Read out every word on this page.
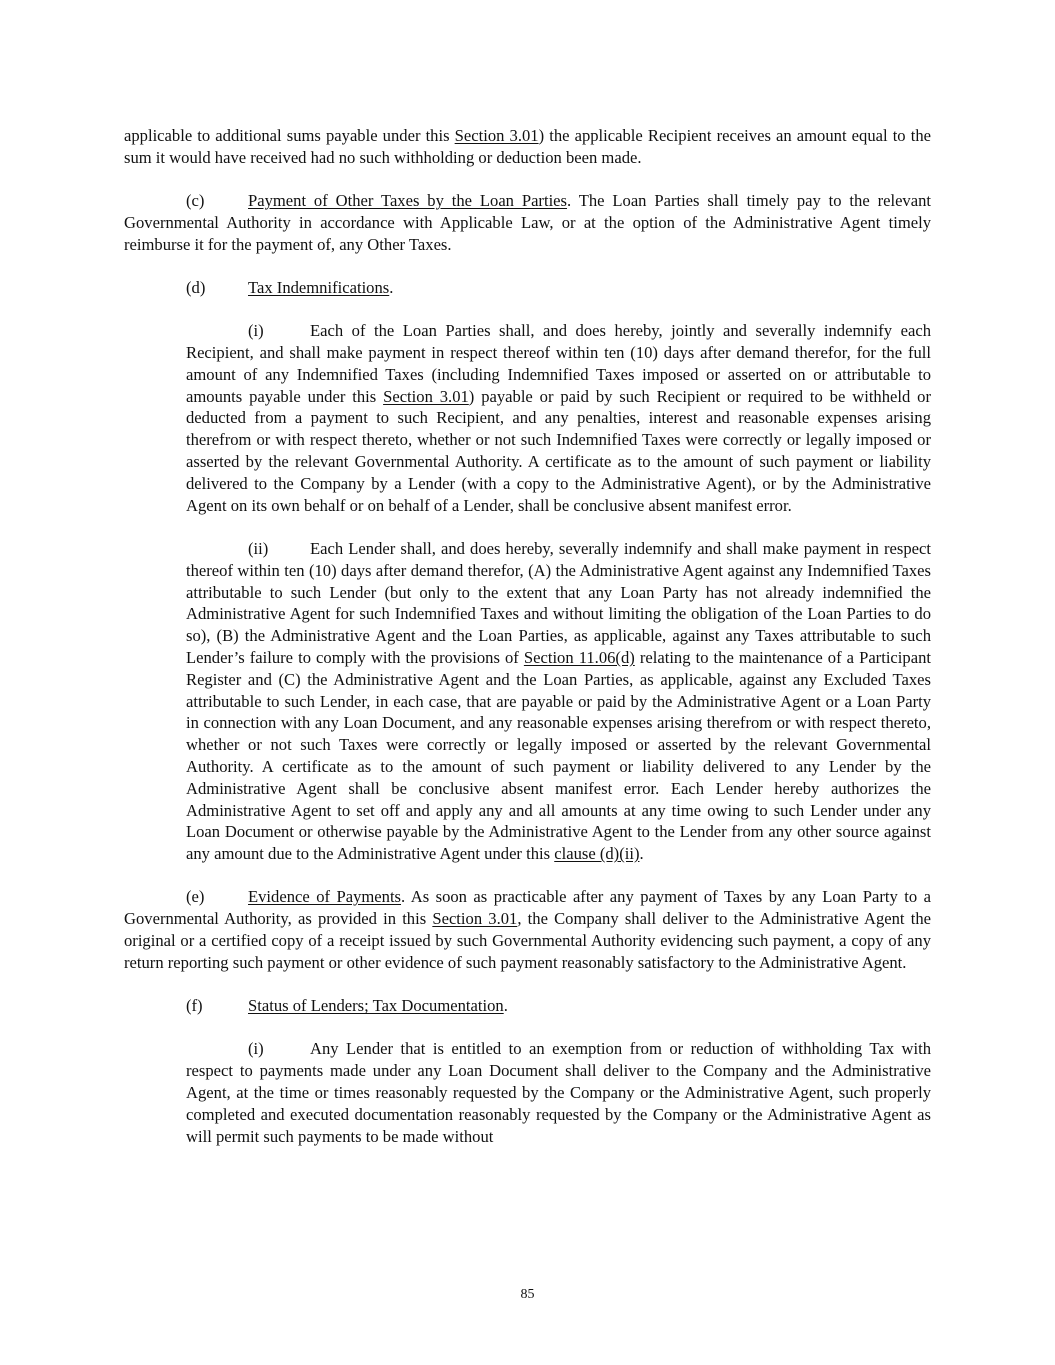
applicable to additional sums payable under this Section 3.01) the applicable Recipient receives an amount equal to the sum it would have received had no such withholding or deduction been made.

(c)	Payment of Other Taxes by the Loan Parties. The Loan Parties shall timely pay to the relevant Governmental Authority in accordance with Applicable Law, or at the option of the Administrative Agent timely reimburse it for the payment of, any Other Taxes.

(d)	Tax Indemnifications.

(i)	Each of the Loan Parties shall, and does hereby, jointly and severally indemnify each Recipient, and shall make payment in respect thereof within ten (10) days after demand therefor, for the full amount of any Indemnified Taxes (including Indemnified Taxes imposed or asserted on or attributable to amounts payable under this Section 3.01) payable or paid by such Recipient or required to be withheld or deducted from a payment to such Recipient, and any penalties, interest and reasonable expenses arising therefrom or with respect thereto, whether or not such Indemnified Taxes were correctly or legally imposed or asserted by the relevant Governmental Authority. A certificate as to the amount of such payment or liability delivered to the Company by a Lender (with a copy to the Administrative Agent), or by the Administrative Agent on its own behalf or on behalf of a Lender, shall be conclusive absent manifest error.

(ii)	Each Lender shall, and does hereby, severally indemnify and shall make payment in respect thereof within ten (10) days after demand therefor, (A) the Administrative Agent against any Indemnified Taxes attributable to such Lender (but only to the extent that any Loan Party has not already indemnified the Administrative Agent for such Indemnified Taxes and without limiting the obligation of the Loan Parties to do so), (B) the Administrative Agent and the Loan Parties, as applicable, against any Taxes attributable to such Lender’s failure to comply with the provisions of Section 11.06(d) relating to the maintenance of a Participant Register and (C) the Administrative Agent and the Loan Parties, as applicable, against any Excluded Taxes attributable to such Lender, in each case, that are payable or paid by the Administrative Agent or a Loan Party in connection with any Loan Document, and any reasonable expenses arising therefrom or with respect thereto, whether or not such Taxes were correctly or legally imposed or asserted by the relevant Governmental Authority. A certificate as to the amount of such payment or liability delivered to any Lender by the Administrative Agent shall be conclusive absent manifest error. Each Lender hereby authorizes the Administrative Agent to set off and apply any and all amounts at any time owing to such Lender under any Loan Document or otherwise payable by the Administrative Agent to the Lender from any other source against any amount due to the Administrative Agent under this clause (d)(ii).

(e)	Evidence of Payments. As soon as practicable after any payment of Taxes by any Loan Party to a Governmental Authority, as provided in this Section 3.01, the Company shall deliver to the Administrative Agent the original or a certified copy of a receipt issued by such Governmental Authority evidencing such payment, a copy of any return reporting such payment or other evidence of such payment reasonably satisfactory to the Administrative Agent.

(f)	Status of Lenders; Tax Documentation.

(i)	Any Lender that is entitled to an exemption from or reduction of withholding Tax with respect to payments made under any Loan Document shall deliver to the Company and the Administrative Agent, at the time or times reasonably requested by the Company or the Administrative Agent, such properly completed and executed documentation reasonably requested by the Company or the Administrative Agent as will permit such payments to be made without

85
